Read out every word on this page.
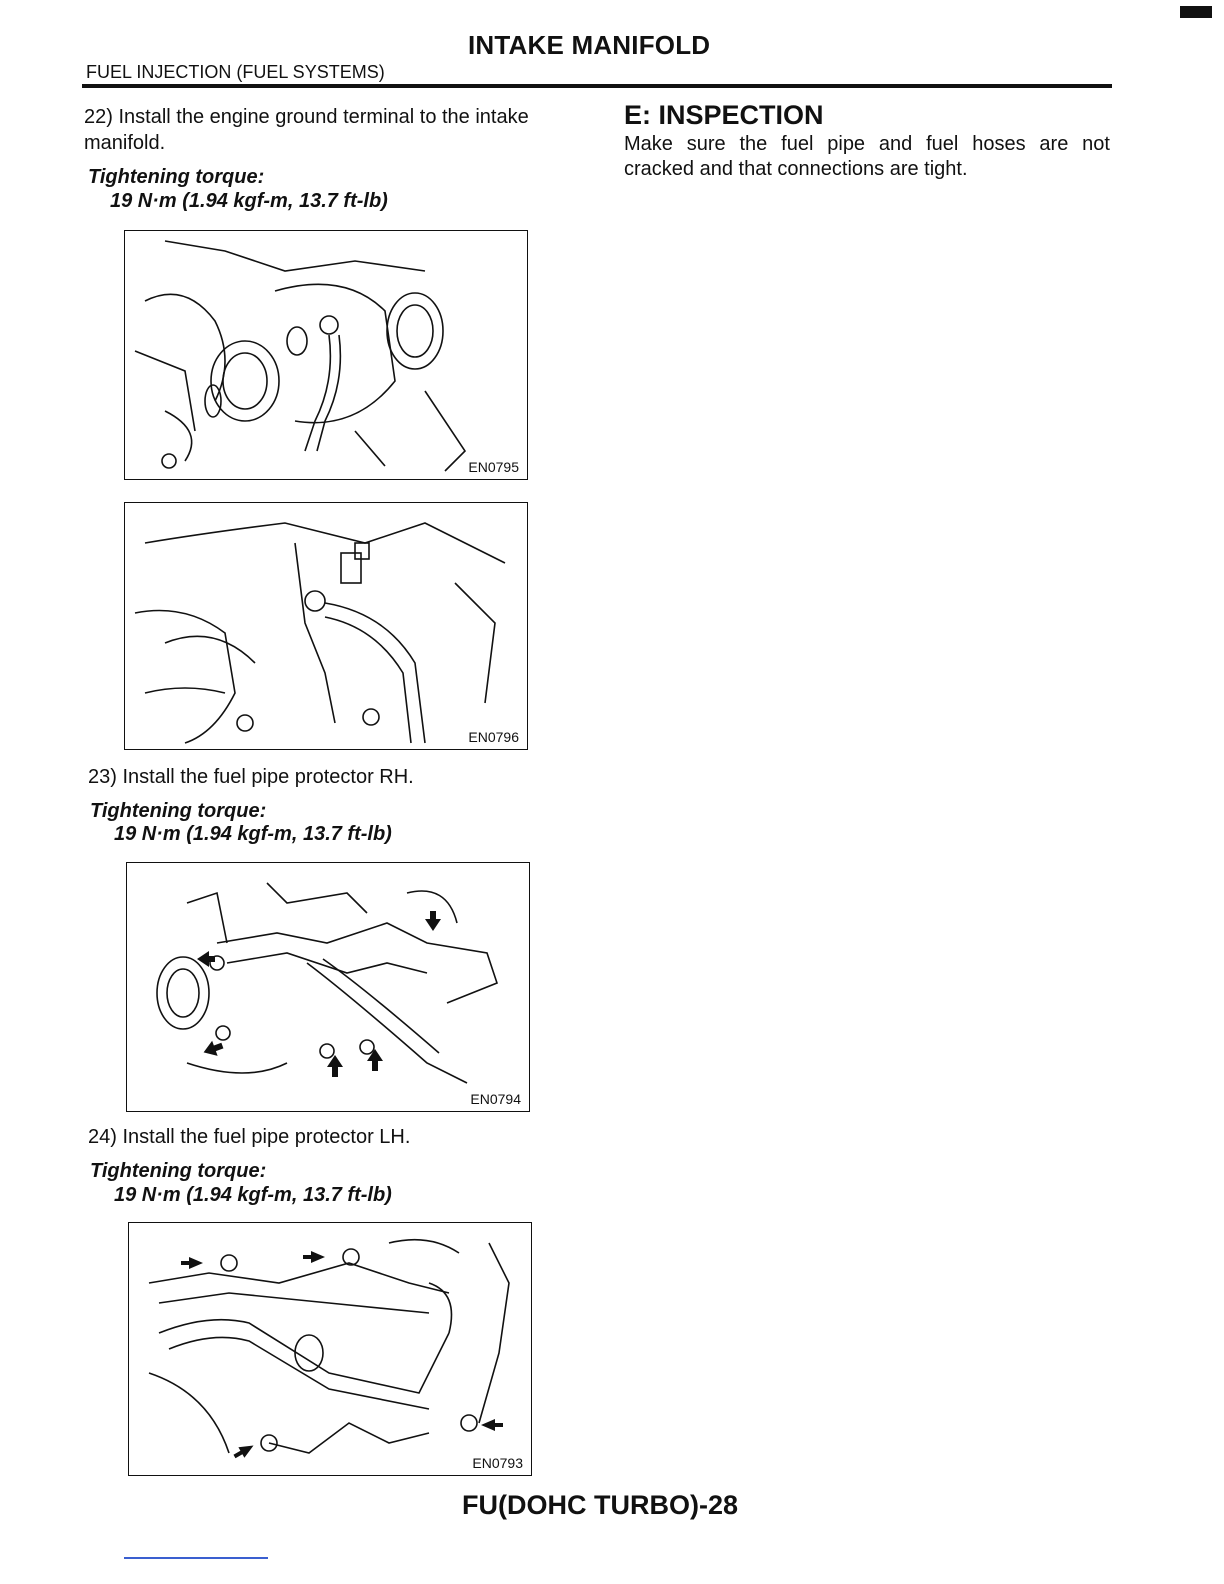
INTAKE MANIFOLD
FUEL INJECTION (FUEL SYSTEMS)
22) Install the engine ground terminal to the intake
manifold.
Tightening torque:
19 N·m (1.94 kgf-m, 13.7 ft-lb)
EN0795
EN0796
23) Install the fuel pipe protector RH.
Tightening torque:
19 N·m (1.94 kgf-m, 13.7 ft-lb)
EN0794
24) Install the fuel pipe protector LH.
Tightening torque:
19 N·m (1.94 kgf-m, 13.7 ft-lb)
EN0793
E: INSPECTION
Make sure the fuel pipe and fuel hoses are not cracked and that connections are tight.
FU(DOHC TURBO)-28
